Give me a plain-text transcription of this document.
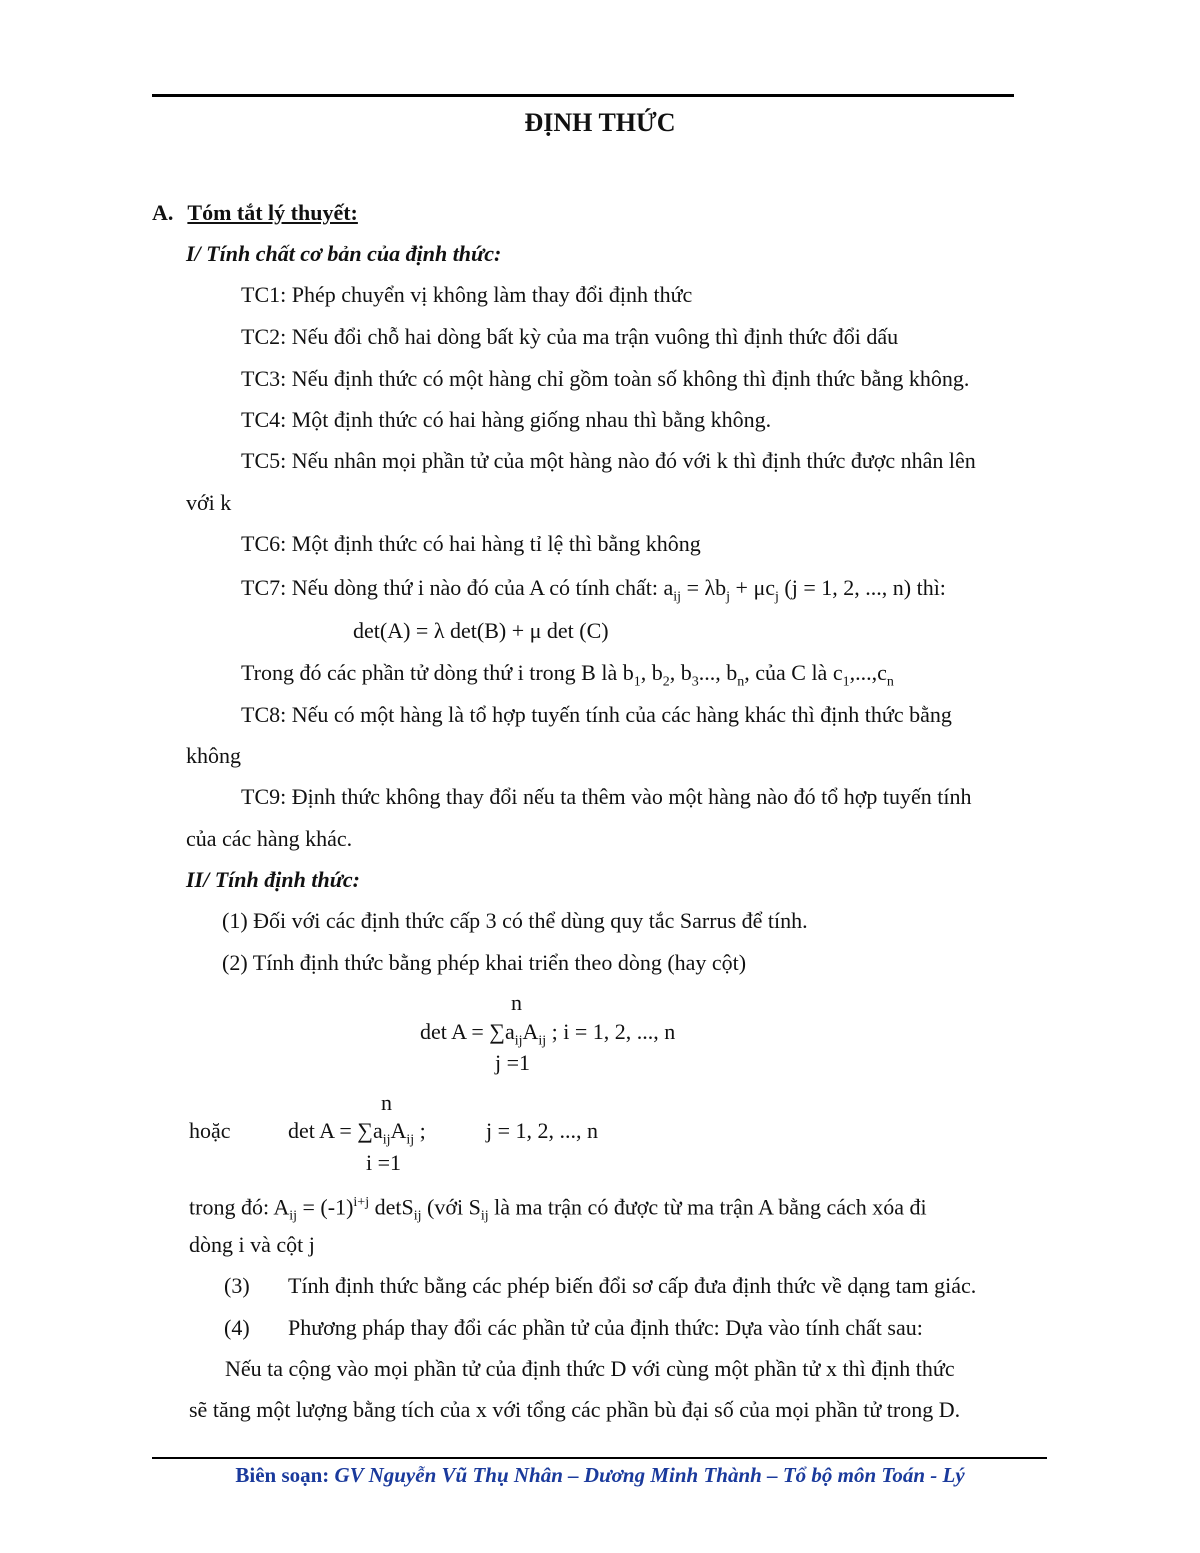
ĐỊNH THỨC
A. Tóm tắt lý thuyết:
I/ Tính chất cơ bản của định thức:
TC1: Phép chuyển vị không làm thay đổi định thức
TC2: Nếu đổi chỗ hai dòng bất kỳ của ma trận vuông thì định thức đổi dấu
TC3: Nếu định thức có một hàng chỉ gồm toàn số không thì định thức bằng không.
TC4: Một định thức có hai hàng giống nhau thì bằng không.
TC5: Nếu nhân mọi phần tử của một hàng nào đó với k thì định thức được nhân lên
với k
TC6: Một định thức có hai hàng tỉ lệ thì bằng không
TC7: Nếu dòng thứ i nào đó của A có tính chất: $a_{ij} = \lambda b_j + \mu c_j$ (j = 1, 2, ..., n) thì:
det(A) = λ det(B) + μ det (C)
Trong đó các phần tử dòng thứ i trong B là $b_1$, $b_2$, $b_3$..., $b_n$, của C là $c_1,...,c_n$
TC8: Nếu có một hàng là tổ hợp tuyến tính của các hàng khác thì định thức bằng
không
TC9: Định thức không thay đổi nếu ta thêm vào một hàng nào đó tổ hợp tuyến tính
của các hàng khác.
II/ Tính định thức:
(1) Đối với các định thức cấp 3 có thể dùng quy tắc Sarrus để tính.
(2) Tính định thức bằng phép khai triển theo dòng (hay cột)
n
$\det A = \sum a_{ij}A_{ij}$ ; i = 1, 2, ..., n
j =1
n
hoặc	$\det A = \sum a_{ij}A_{ij}$ ;	j = 1, 2, ..., n
i =1
trong đó: $A_{ij} = (-1)^{i+j}$ detS$_{ij}$ (với $S_{ij}$ là ma trận có được từ ma trận A bằng cách xóa đi
dòng i và cột j
(3) Tính định thức bằng các phép biến đổi sơ cấp đưa định thức về dạng tam giác.
(4) Phương pháp thay đổi các phần tử của định thức: Dựa vào tính chất sau:
Nếu ta cộng vào mọi phần tử của định thức D với cùng một phần tử x thì định thức
sẽ tăng một lượng bằng tích của x với tổng các phần bù đại số của mọi phần tử trong D.
Biên soạn: GV Nguyễn Vũ Thụ Nhân – Dương Minh Thành – Tổ bộ môn Toán - Lý
